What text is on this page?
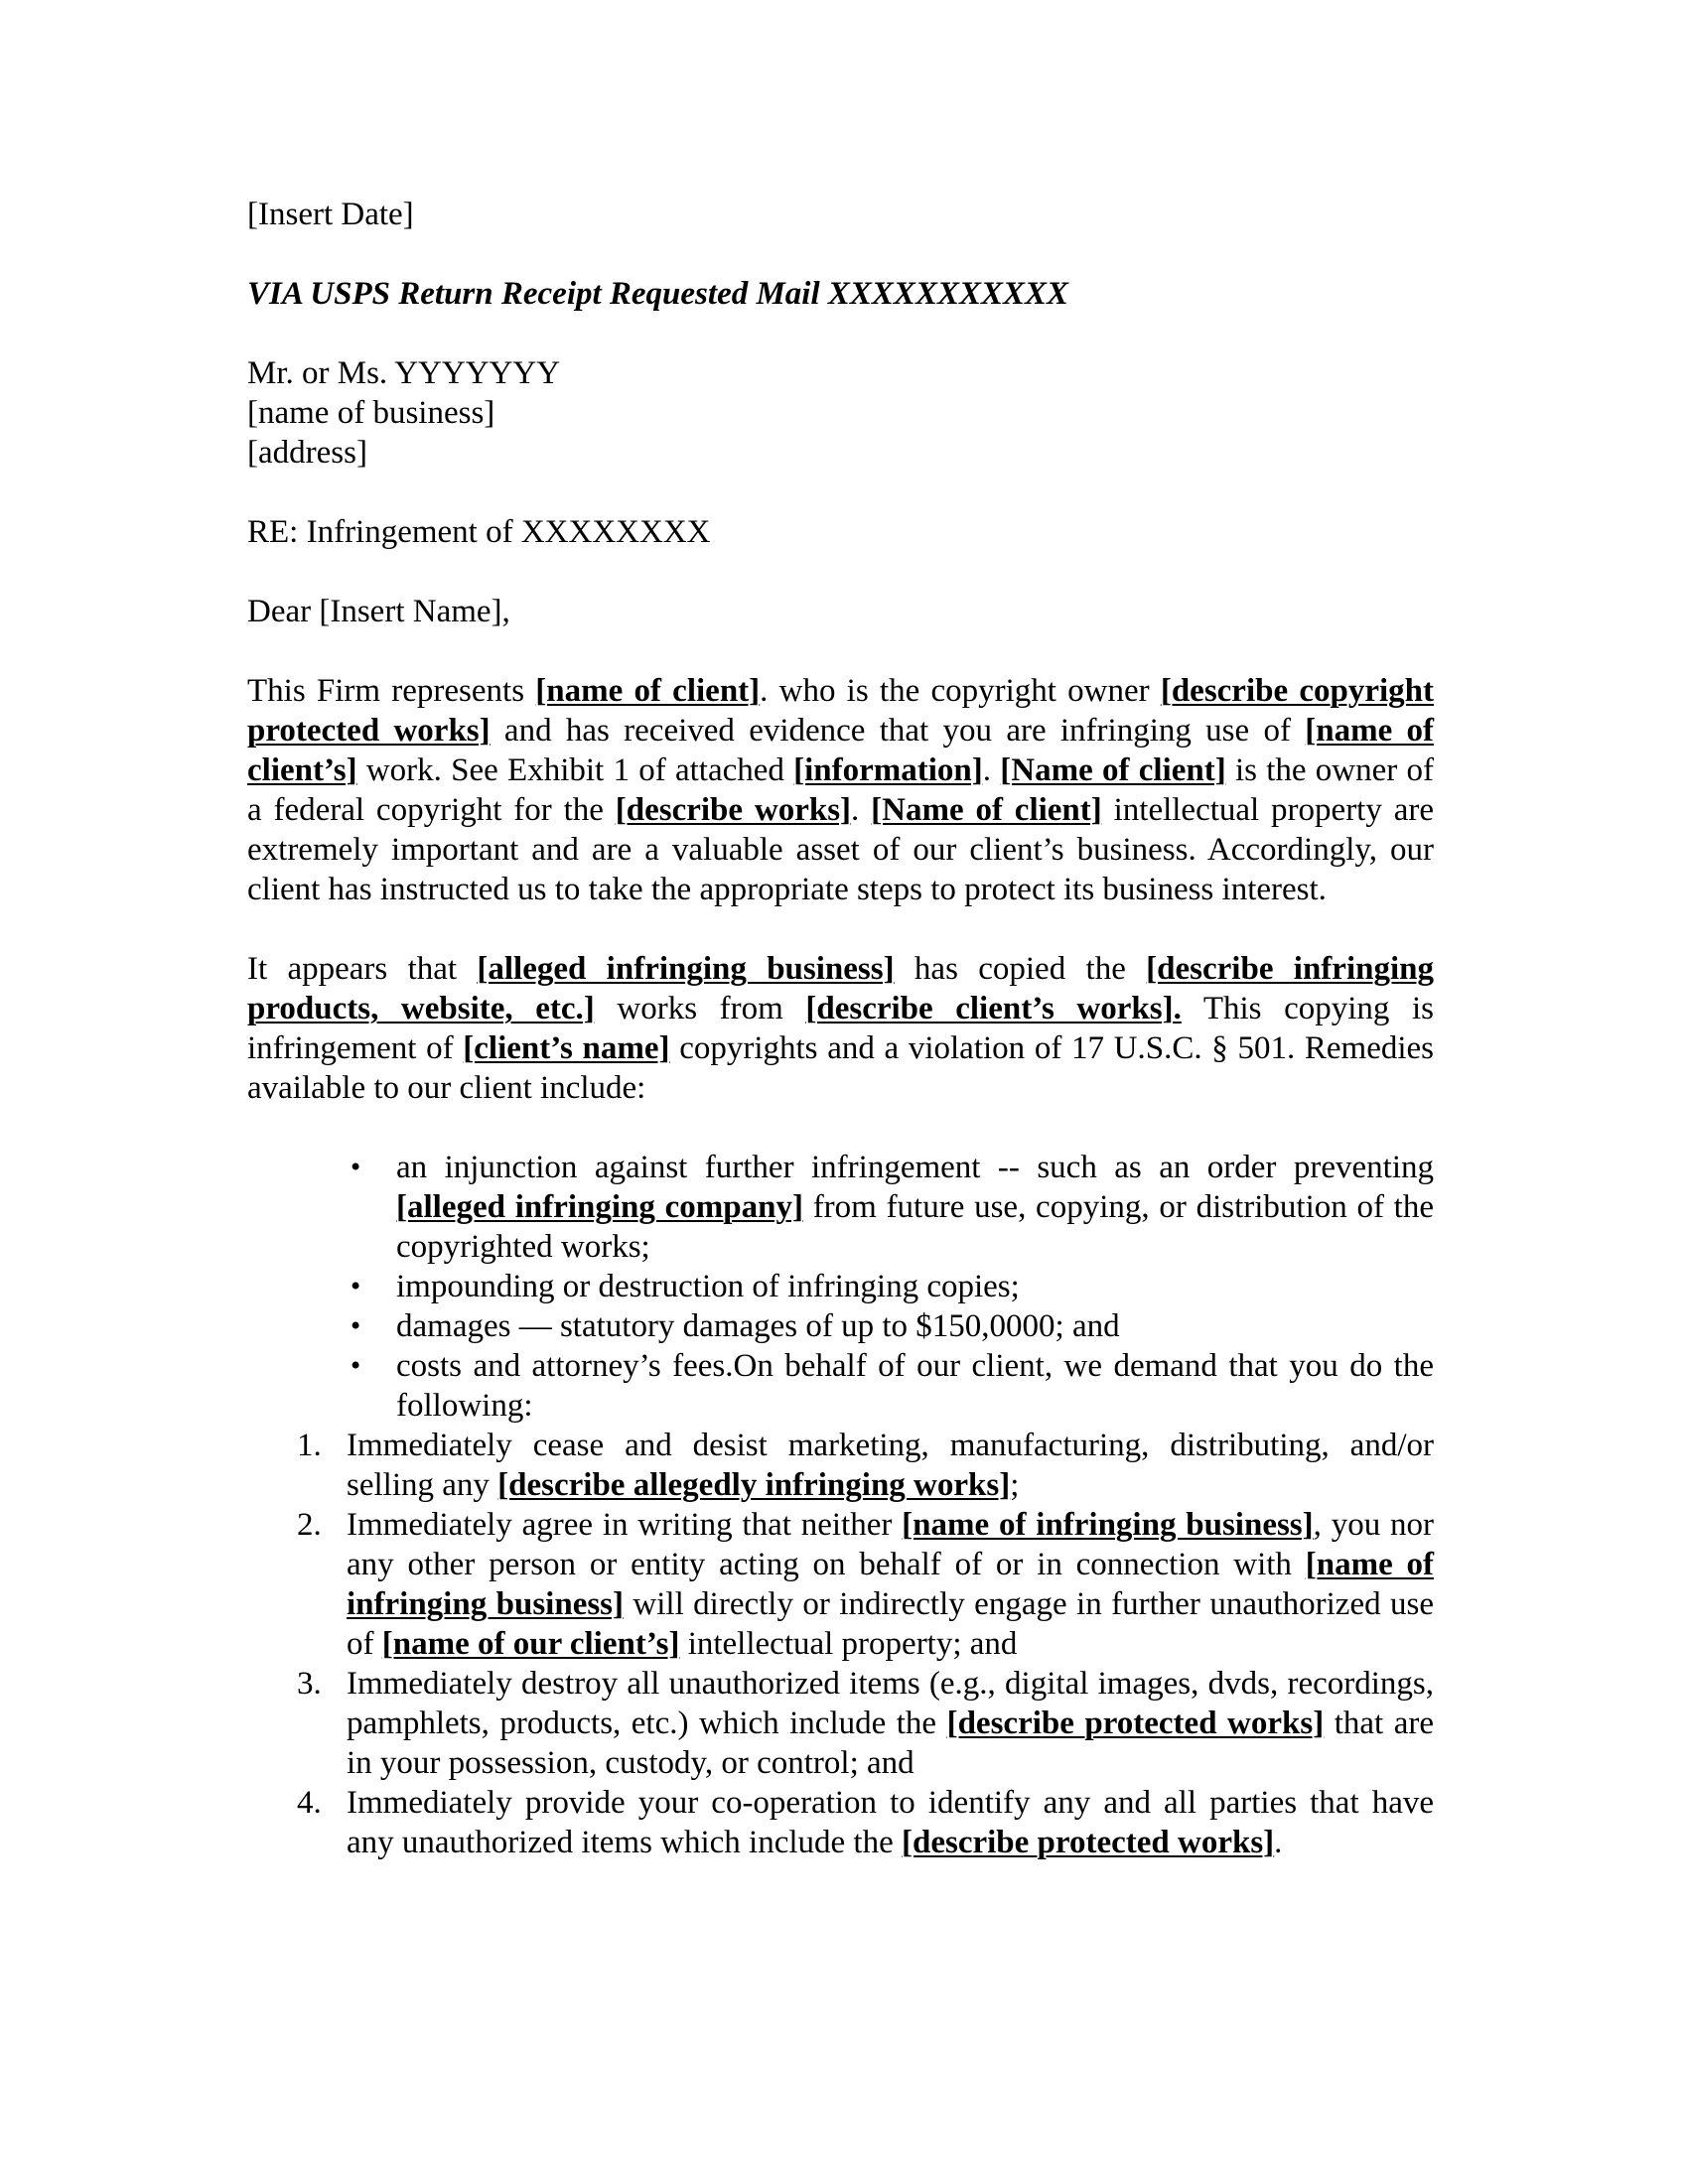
[Insert Date]

VIA USPS Return Receipt Requested Mail XXXXXXXXXXX

Mr. or Ms. YYYYYYY

[name of business]

[address]

RE: Infringement of XXXXXXXX

Dear [Insert Name],

This Firm represents [name of client]. who is the copyright owner [describe copyright protected works] and has received evidence that you are infringing use of [name of client’s] work. See Exhibit 1 of attached [information]. [Name of client] is the owner of a federal copyright for the [describe works]. [Name of client] intellectual property are extremely important and are a valuable asset of our client’s business. Accordingly, our client has instructed us to take the appropriate steps to protect its business interest.

It appears that [alleged infringing business] has copied the [describe infringing products, website, etc.] works from [describe client’s works]. This copying is infringement of [client’s name] copyrights and a violation of 17 U.S.C. § 501. Remedies available to our client include:

• an injunction against further infringement -- such as an order preventing [alleged infringing company] from future use, copying, or distribution of the copyrighted works;
• impounding or destruction of infringing copies;
• damages — statutory damages of up to $150,0000; and
• costs and attorney’s fees.On behalf of our client, we demand that you do the following:
1. Immediately cease and desist marketing, manufacturing, distributing, and/or selling any [describe allegedly infringing works];
2. Immediately agree in writing that neither [name of infringing business], you nor any other person or entity acting on behalf of or in connection with [name of infringing business] will directly or indirectly engage in further unauthorized use of [name of our client’s] intellectual property; and
3. Immediately destroy all unauthorized items (e.g., digital images, dvds, recordings, pamphlets, products, etc.) which include the [describe protected works] that are in your possession, custody, or control; and
4. Immediately provide your co-operation to identify any and all parties that have any unauthorized items which include the [describe protected works].
